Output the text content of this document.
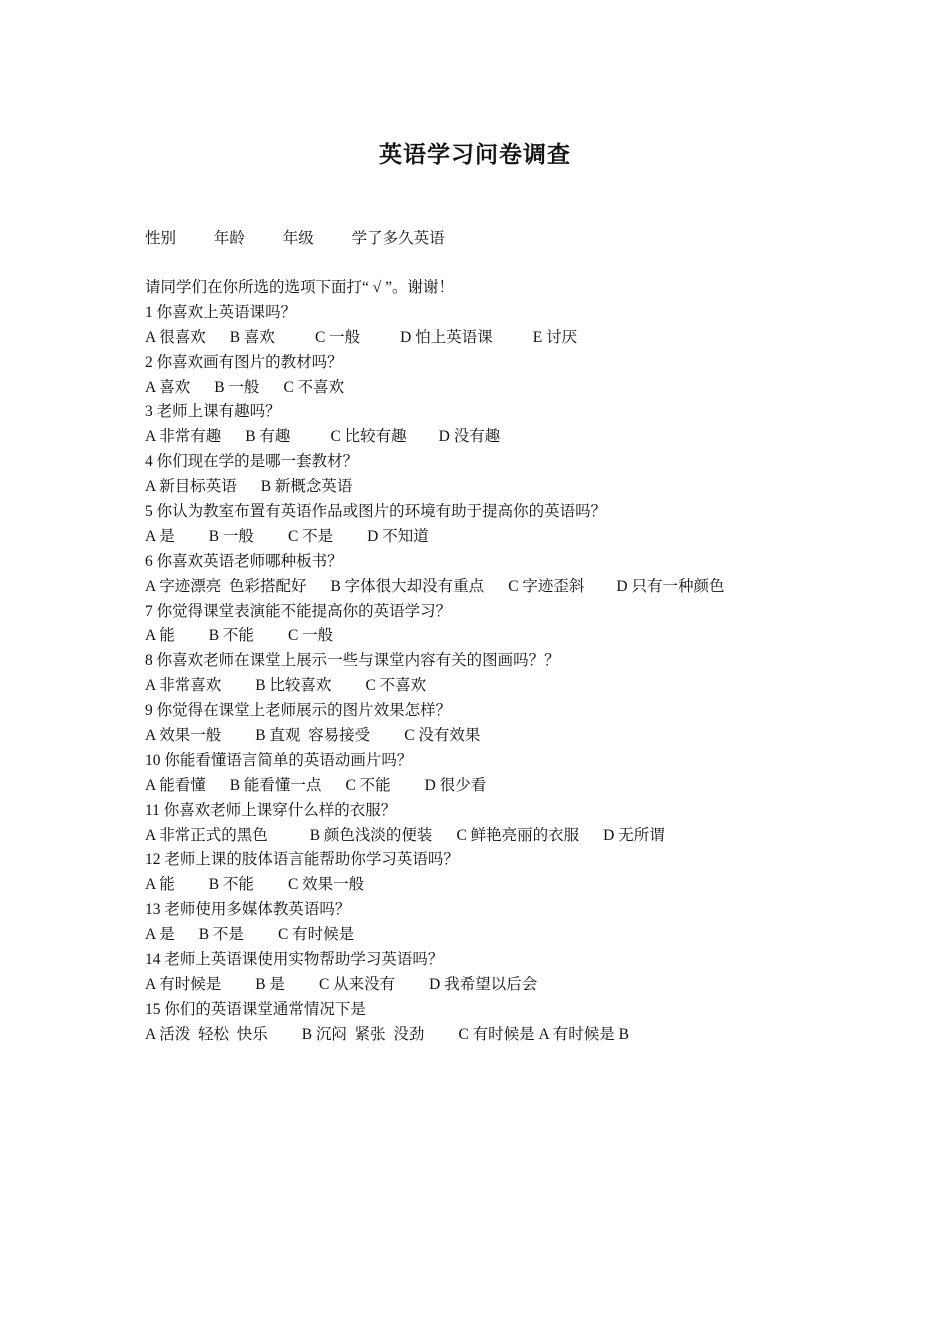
英语学习问卷调查
性别 年龄 年级 学了多久英语
请同学们在你所选的选项下面打“ √ ”。谢谢！
1 你喜欢上英语课吗？
A 很喜欢 B 喜欢	C 一般	D 怕上英语课	E 讨厌
2 你喜欢画有图片的教材吗？
A 喜欢 B 一般 C 不喜欢
3 老师上课有趣吗？
A 非常有趣 B 有趣	C 比较有趣 D 没有趣
4 你们现在学的是哪一套教材？
A 新目标英语 B 新概念英语
5 你认为教室布置有英语作品或图片的环境有助于提高你的英语吗？
A 是 B 一般 C 不是 D 不知道
6 你喜欢英语老师哪种板书？
A 字迹漂亮  色彩搭配好 B 字体很大却没有重点 C 字迹歪斜 D 只有一种颜色
7 你觉得课堂表演能不能提高你的英语学习？
A 能 B 不能 C 一般
8 你喜欢老师在课堂上展示一些与课堂内容有关的图画吗？？
A 非常喜欢 B 比较喜欢 C 不喜欢
9 你觉得在课堂上老师展示的图片效果怎样？
A 效果一般 B 直观  容易接受 C 没有效果
10 你能看懂语言简单的英语动画片吗？
A 能看懂 B 能看懂一点 C 不能 D 很少看
11 你喜欢老师上课穿什么样的衣服？
A 非常正式的黑色	B 颜色浅淡的便装 C 鲜艳亮丽的衣服 D 无所谓
12 老师上课的肢体语言能帮助你学习英语吗？
A 能 B 不能 C 效果一般
13 老师使用多媒体教英语吗？
A 是 B 不是 C 有时候是
14 老师上英语课使用实物帮助学习英语吗？
A 有时候是 B 是 C 从来没有 D 我希望以后会
15 你们的英语课堂通常情况下是
A 活泼  轻松  快乐 B 沉闷  紧张  没劲 C 有时候是 A 有时候是 B
